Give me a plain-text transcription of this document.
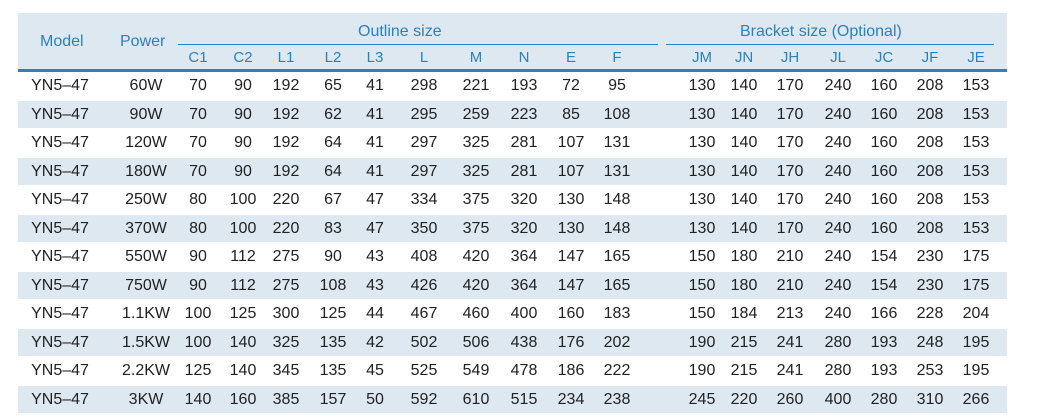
Model Power
Outline size	Bracket size (Optional)
C1 C2 L1 L2 L3 L	M N E F	JM JN JH JL JC JF JE
YN5–47	60W 70 90 192 65 41 298 221 193 72 95	130 140 170 240 160 208 153
YN5–47	90W 70 90 192 62 41 295 259 223 85 108	130 140 170 240 160 208 153
YN5–47 120W 70 90 192 64 41 297 325 281 107 131	130 140 170 240 160 208 153
YN5–47 180W 70 90 192 64 41 297 325 281 107 131	130 140 170 240 160 208 153
YN5–47 250W 80 100 220 67 47 334 375 320 130 148	130 140 170 240 160 208 153
YN5–47 370W 80 100 220 83 47 350 375 320 130 148	130 140 170 240 160 208 153
YN5–47 550W 90 112 275 90 43 408 420 364 147 165	150 180 210 240 154 230 175
YN5–47 750W 90 112 275 108 43 426 420 364 147 165	150 180 210 240 154 230 175
YN5–47 1.1KW 100 125 300 125 44 467 460 400 160 183	150 184 213 240 166 228 204
YN5–47 1.5KW 100 140 325 135 42 502 506 438 176 202	190 215 241 280 193 248 195
YN5–47 2.2KW 125 140 345 135 45 525 549 478 186 222	190 215 241 280 193 253 195
YN5–47 3KW 140 160 385 157 50 592 610 515 234 238	245 220 260 400 280 310 266
